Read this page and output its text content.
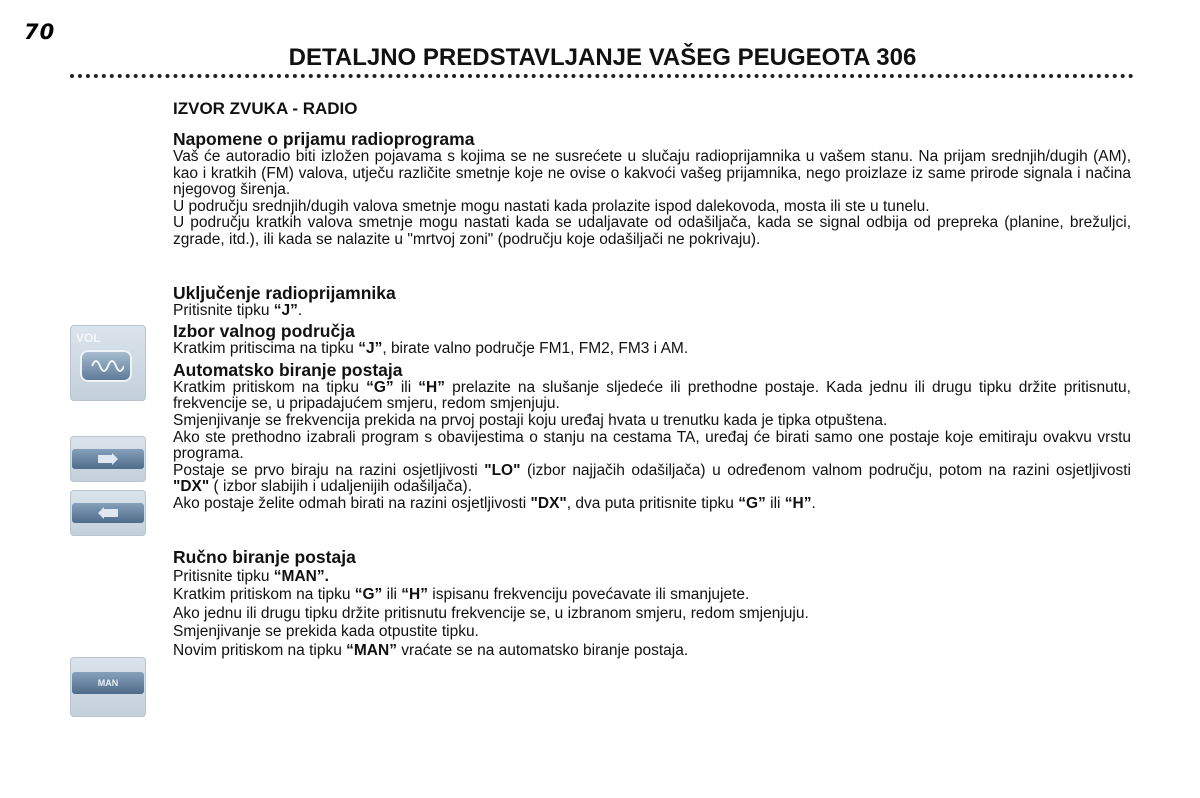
70
DETALJNO PREDSTAVLJANJE VAŠEG PEUGEOTA 306
VOL
MAN
IZVOR ZVUKA - RADIO
Napomene o prijamu radioprograma

Vaš će autoradio biti izložen pojavama s kojima se ne susrećete u slučaju radioprijamnika u vašem stanu. Na prijam srednjih/dugih (AM), kao i kratkih (FM) valova, utječu različite smetnje koje ne ovise o kakvoći vašeg prijamnika, nego proizlaze iz same prirode signala i načina njegovog širenja.

U području srednjih/dugih valova smetnje mogu nastati kada prolazite ispod dalekovoda, mosta ili ste u tunelu.

U području kratkih valova smetnje mogu nastati kada se udaljavate od odašiljača, kada se signal odbija od prepreka (planine, brežuljci, zgrade, itd.), ili kada se nalazite u "mrtvoj zoni" (području koje odašiljači ne pokrivaju).

Uključenje radioprijamnika

Pritisnite tipku “J”.

Izbor valnog područja

Kratkim pritiscima na tipku “J”, birate valno područje FM1, FM2, FM3 i AM.

Automatsko biranje postaja

Kratkim pritiskom na tipku “G” ili “H” prelazite na slušanje sljedeće ili prethodne postaje. Kada jednu ili drugu tipku držite pritisnutu, frekvencije se, u pripadajućem smjeru, redom smjenjuju.

Smjenjivanje se frekvencija prekida na prvoj postaji koju uređaj hvata u trenutku kada je tipka otpuštena.

Ako ste prethodno izabrali program s obavijestima o stanju na cestama TA, uređaj će birati samo one postaje koje emitiraju ovakvu vrstu programa.

Postaje se prvo biraju na razini osjetljivosti "LO" (izbor najjačih odašiljača) u određenom valnom području, potom na razini osjetljivosti "DX" ( izbor slabijih i udaljenijih odašiljača).

Ako postaje želite odmah birati na razini osjetljivosti "DX", dva puta pritisnite tipku “G” ili “H”.

Ručno biranje postaja

Pritisnite tipku “MAN”.

Kratkim pritiskom na tipku “G” ili “H” ispisanu frekvenciju povećavate ili smanjujete.

Ako jednu ili drugu tipku držite pritisnutu frekvencije se, u izbranom smjeru, redom smjenjuju.

Smjenjivanje se prekida kada otpustite tipku.

Novim pritiskom na tipku “MAN” vraćate se na automatsko biranje postaja.
